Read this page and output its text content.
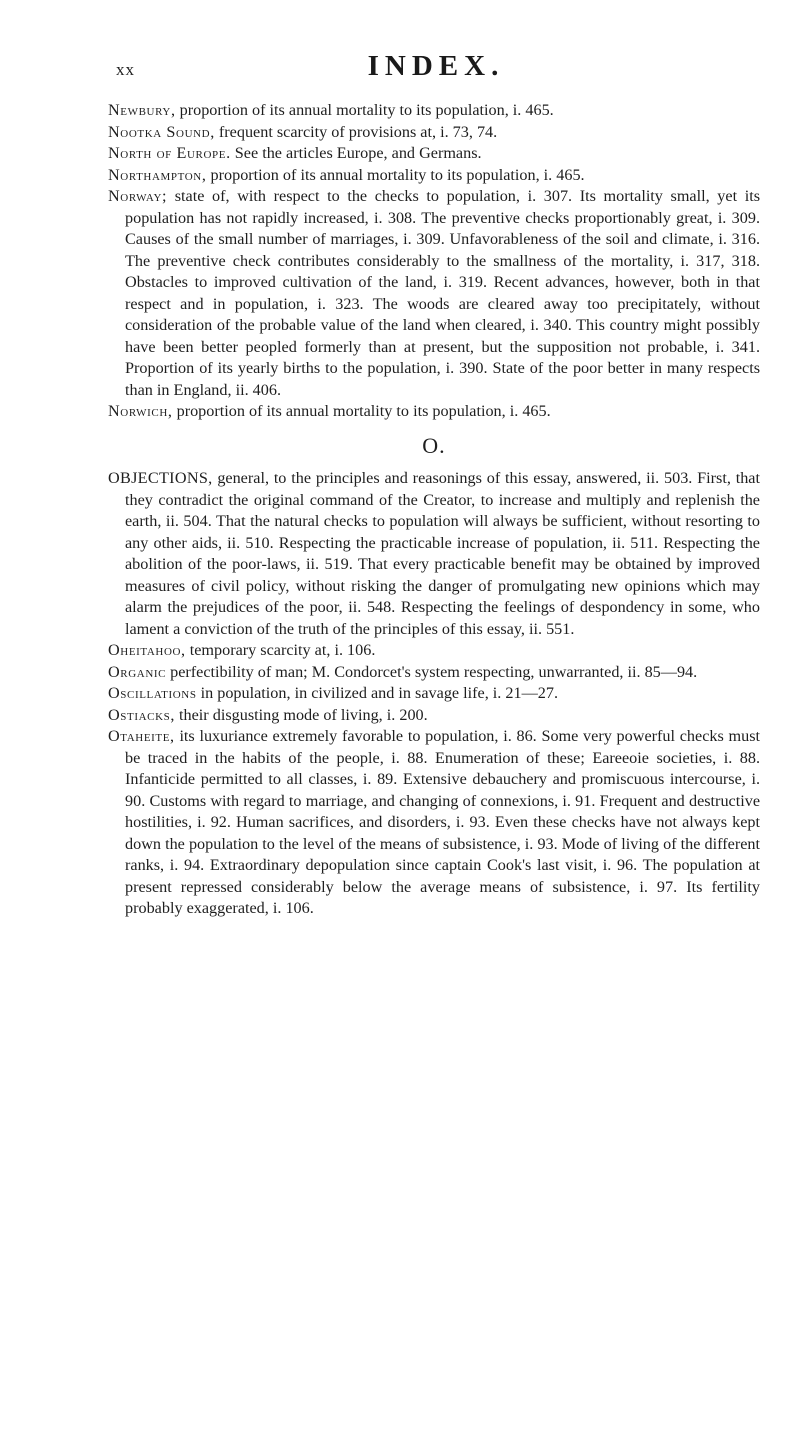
xx	INDEX.

Newbury, proportion of its annual mortality to its population, i. 465.

Nootka Sound, frequent scarcity of provisions at, i. 73, 74.

North of Europe. See the articles Europe, and Germans.

Northampton, proportion of its annual mortality to its population, i. 465.

Norway; state of, with respect to the checks to population, i. 307. Its mortality small, yet its population has not rapidly increased, i. 308. The preventive checks proportionably great, i. 309. Causes of the small number of marriages, i. 309. Unfavorableness of the soil and climate, i. 316. The preventive check contributes considerably to the smallness of the mortality, i. 317, 318. Obstacles to improved cultivation of the land, i. 319. Recent advances, however, both in that respect and in population, i. 323. The woods are cleared away too precipitately, without consideration of the probable value of the land when cleared, i. 340. This country might possibly have been better peopled formerly than at present, but the supposition not probable, i. 341. Proportion of its yearly births to the population, i. 390. State of the poor better in many respects than in England, ii. 406.

Norwich, proportion of its annual mortality to its population, i. 465.

O.

OBJECTIONS, general, to the principles and reasonings of this essay, answered, ii. 503. First, that they contradict the original command of the Creator, to increase and multiply and replenish the earth, ii. 504. That the natural checks to population will always be sufficient, without resorting to any other aids, ii. 510. Respecting the practicable increase of population, ii. 511. Respecting the abolition of the poor-laws, ii. 519. That every practicable benefit may be obtained by improved measures of civil policy, without risking the danger of promulgating new opinions which may alarm the prejudices of the poor, ii. 548. Respecting the feelings of despondency in some, who lament a conviction of the truth of the principles of this essay, ii. 551.

Oheitahoo, temporary scarcity at, i. 106.

Organic perfectibility of man; M. Condorcet's system respecting, unwarranted, ii. 85—94.

Oscillations in population, in civilized and in savage life, i. 21—27.

Ostiacks, their disgusting mode of living, i. 200.

Otaheite, its luxuriance extremely favorable to population, i. 86. Some very powerful checks must be traced in the habits of the people, i. 88. Enumeration of these; Eareeoie societies, i. 88. Infanticide permitted to all classes, i. 89. Extensive debauchery and promiscuous intercourse, i. 90. Customs with regard to marriage, and changing of connexions, i. 91. Frequent and destructive hostilities, i. 92. Human sacrifices, and disorders, i. 93. Even these checks have not always kept down the population to the level of the means of subsistence, i. 93. Mode of living of the different ranks, i. 94. Extraordinary depopulation since captain Cook's last visit, i. 96. The population at present repressed considerably below the average means of subsistence, i. 97. Its fertility probably exaggerated, i. 106.
